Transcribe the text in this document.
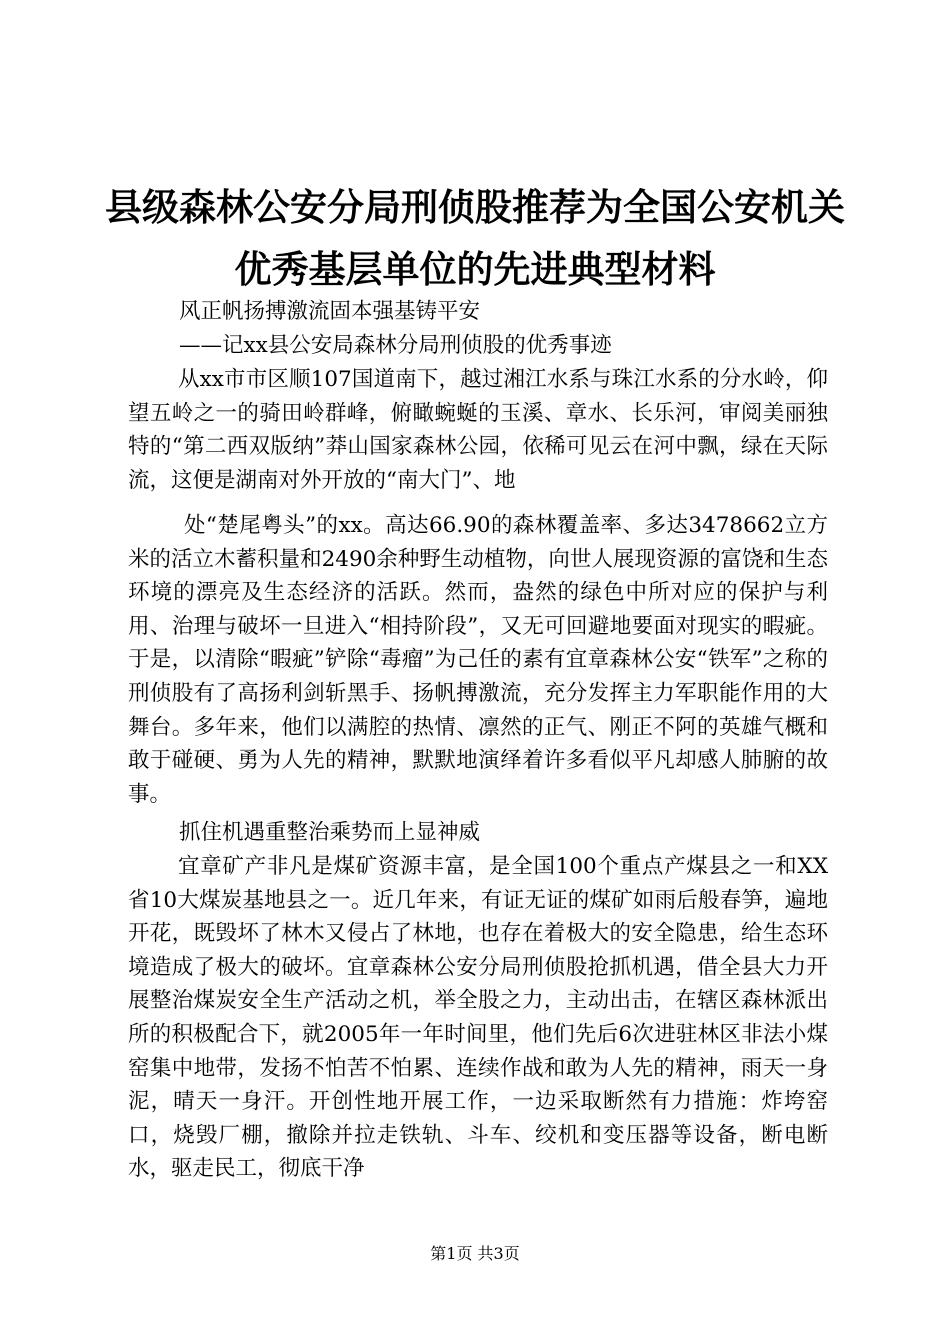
县级森林公安分局刑侦股推荐为全国公安机关
优秀基层单位的先进典型材料
风正帆扬搏激流固本强基铸平安
——记xx县公安局森林分局刑侦股的优秀事迹
从xx市市区顺107国道南下，越过湘江水系与珠江水系的分水岭，仰望五岭之一的骑田岭群峰，俯瞰蜿蜒的玉溪、章水、长乐河，审阅美丽独特的“第二西双版纳”莽山国家森林公园，依稀可见云在河中飘，绿在天际流，这便是湖南对外开放的“南大门”、地
处“楚尾粤头”的xx。高达66.90的森林覆盖率、多达3478662立方米的活立木蓄积量和2490余种野生动植物，向世人展现资源的富饶和生态环境的漂亮及生态经济的活跃。然而，盎然的绿色中所对应的保护与利用、治理与破坏一旦进入“相持阶段”，又无可回避地要面对现实的暇疵。于是，以清除“暇疵”铲除“毒瘤”为己任的素有宜章森林公安“铁军”之称的刑侦股有了高扬利剑斩黑手、扬帆搏激流，充分发挥主力军职能作用的大舞台。多年来，他们以满腔的热情、凛然的正气、刚正不阿的英雄气概和敢于碰硬、勇为人先的精神，默默地演绎着许多看似平凡却感人肺腑的故事。
抓住机遇重整治乘势而上显神威
宜章矿产非凡是煤矿资源丰富，是全国100个重点产煤县之一和XX省10大煤炭基地县之一。近几年来，有证无证的煤矿如雨后般春笋，遍地开花，既毁坏了林木又侵占了林地，也存在着极大的安全隐患，给生态环境造成了极大的破坏。宜章森林公安分局刑侦股抢抓机遇，借全县大力开展整治煤炭安全生产活动之机，举全股之力，主动出击，在辖区森林派出所的积极配合下，就2005年一年时间里，他们先后6次进驻林区非法小煤窑集中地带，发扬不怕苦不怕累、连续作战和敢为人先的精神，雨天一身泥，晴天一身汗。开创性地开展工作，一边采取断然有力措施：炸垮窑口，烧毁厂棚，撤除并拉走铁轨、斗车、绞机和变压器等设备，断电断水，驱走民工，彻底干净
第1页 共3页
